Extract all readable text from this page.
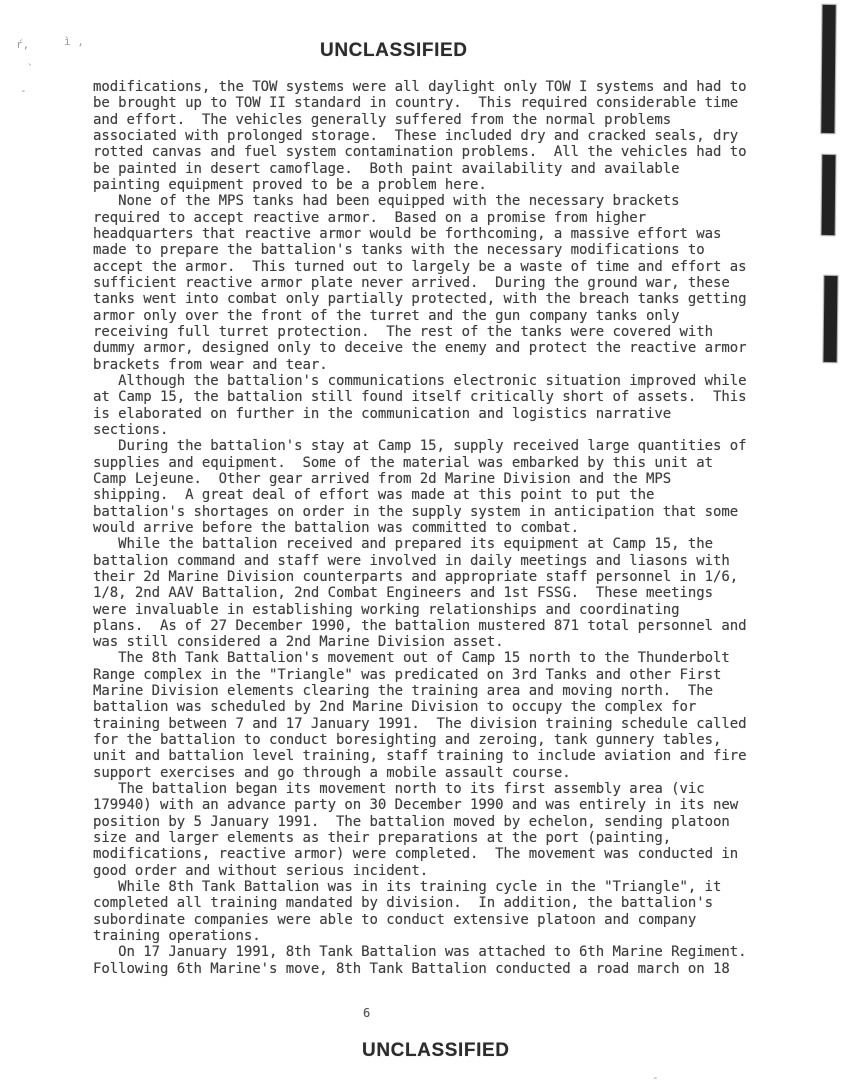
UNCLASSIFIED
modifications, the TOW systems were all daylight only TOW I systems and had to
be brought up to TOW II standard in country.  This required considerable time
and effort.  The vehicles generally suffered from the normal problems
associated with prolonged storage.  These included dry and cracked seals, dry
rotted canvas and fuel system contamination problems.  All the vehicles had to
be painted in desert camoflage.  Both paint availability and available
painting equipment proved to be a problem here.
None of the MPS tanks had been equipped with the necessary brackets
required to accept reactive armor.  Based on a promise from higher
headquarters that reactive armor would be forthcoming, a massive effort was
made to prepare the battalion's tanks with the necessary modifications to
accept the armor.  This turned out to largely be a waste of time and effort as
sufficient reactive armor plate never arrived.  During the ground war, these
tanks went into combat only partially protected, with the breach tanks getting
armor only over the front of the turret and the gun company tanks only
receiving full turret protection.  The rest of the tanks were covered with
dummy armor, designed only to deceive the enemy and protect the reactive armor
brackets from wear and tear.
Although the battalion's communications electronic situation improved while
at Camp 15, the battalion still found itself critically short of assets.  This
is elaborated on further in the communication and logistics narrative
sections.
During the battalion's stay at Camp 15, supply received large quantities of
supplies and equipment.  Some of the material was embarked by this unit at
Camp Lejeune.  Other gear arrived from 2d Marine Division and the MPS
shipping.  A great deal of effort was made at this point to put the
battalion's shortages on order in the supply system in anticipation that some
would arrive before the battalion was committed to combat.
While the battalion received and prepared its equipment at Camp 15, the
battalion command and staff were involved in daily meetings and liasons with
their 2d Marine Division counterparts and appropriate staff personnel in 1/6,
1/8, 2nd AAV Battalion, 2nd Combat Engineers and 1st FSSG.  These meetings
were invaluable in establishing working relationships and coordinating
plans.  As of 27 December 1990, the battalion mustered 871 total personnel and
was still considered a 2nd Marine Division asset.
The 8th Tank Battalion's movement out of Camp 15 north to the Thunderbolt
Range complex in the "Triangle" was predicated on 3rd Tanks and other First
Marine Division elements clearing the training area and moving north.  The
battalion was scheduled by 2nd Marine Division to occupy the complex for
training between 7 and 17 January 1991.  The division training schedule called
for the battalion to conduct boresighting and zeroing, tank gunnery tables,
unit and battalion level training, staff training to include aviation and fire
support exercises and go through a mobile assault course.
The battalion began its movement north to its first assembly area (vic
179940) with an advance party on 30 December 1990 and was entirely in its new
position by 5 January 1991.  The battalion moved by echelon, sending platoon
size and larger elements as their preparations at the port (painting,
modifications, reactive armor) were completed.  The movement was conducted in
good order and without serious incident.
While 8th Tank Battalion was in its training cycle in the "Triangle", it
completed all training mandated by division.  In addition, the battalion's
subordinate companies were able to conduct extensive platoon and company
training operations.
On 17 January 1991, 8th Tank Battalion was attached to 6th Marine Regiment.
Following 6th Marine's move, 8th Tank Battalion conducted a road march on 18
6
UNCLASSIFIED
ŕ,	ì ,
`
-
-
